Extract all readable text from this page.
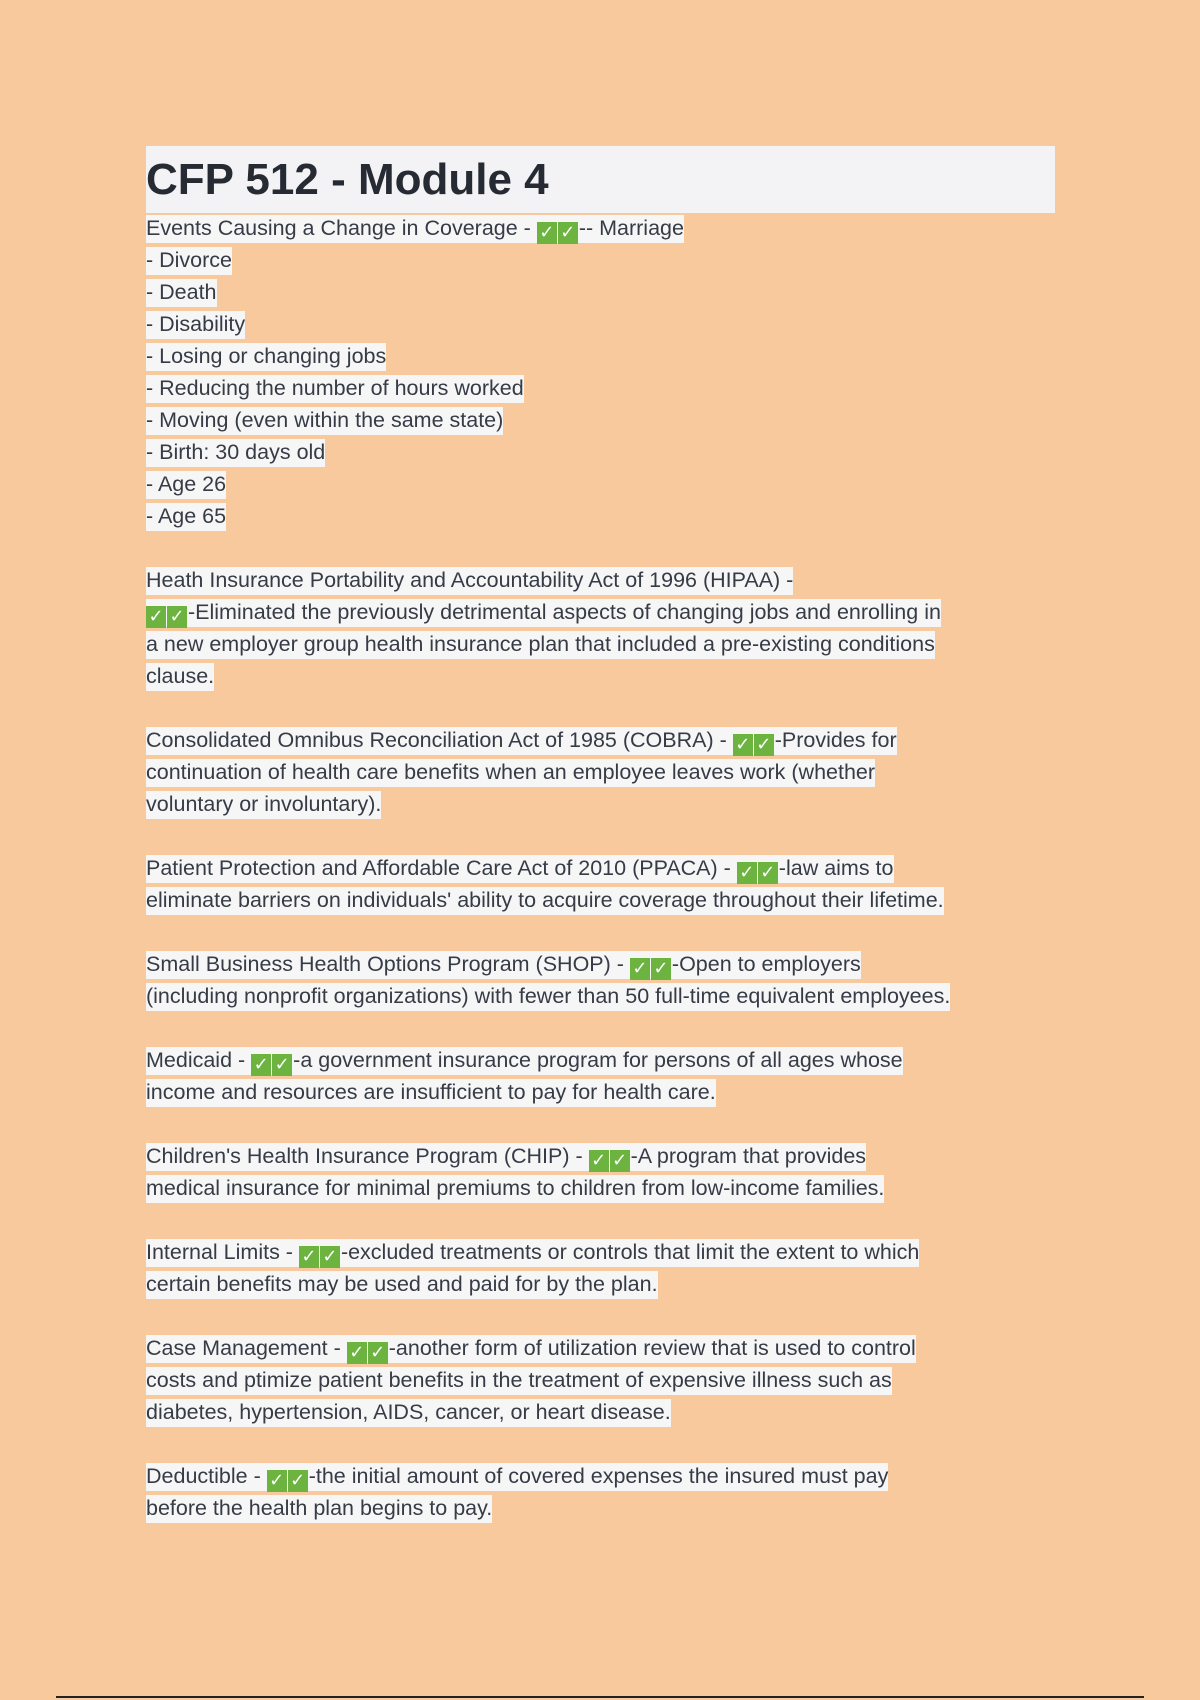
CFP 512 - Module 4
Events Causing a Change in Coverage - ✓ ✓ -- Marriage
- Divorce
- Death
- Disability
- Losing or changing jobs
- Reducing the number of hours worked
- Moving (even within the same state)
- Birth: 30 days old
- Age 26
- Age 65
Heath Insurance Portability and Accountability Act of 1996 (HIPAA) -
✓ ✓ -Eliminated the previously detrimental aspects of changing jobs and enrolling in
a new employer group health insurance plan that included a pre-existing conditions
clause.
Consolidated Omnibus Reconciliation Act of 1985 (COBRA) - ✓ ✓ -Provides for
continuation of health care benefits when an employee leaves work (whether
voluntary or involuntary).
Patient Protection and Affordable Care Act of 2010 (PPACA) - ✓ ✓ -law aims to
eliminate barriers on individuals' ability to acquire coverage throughout their lifetime.
Small Business Health Options Program (SHOP) - ✓ ✓ -Open to employers
(including nonprofit organizations) with fewer than 50 full-time equivalent employees.
Medicaid - ✓ ✓ -a government insurance program for persons of all ages whose
income and resources are insufficient to pay for health care.
Children's Health Insurance Program (CHIP) - ✓ ✓ -A program that provides
medical insurance for minimal premiums to children from low-income families.
Internal Limits - ✓ ✓ -excluded treatments or controls that limit the extent to which
certain benefits may be used and paid for by the plan.
Case Management - ✓ ✓ -another form of utilization review that is used to control
costs and ptimize patient benefits in the treatment of expensive illness such as
diabetes, hypertension, AIDS, cancer, or heart disease.
Deductible - ✓ ✓ -the initial amount of covered expenses the insured must pay
before the health plan begins to pay.
